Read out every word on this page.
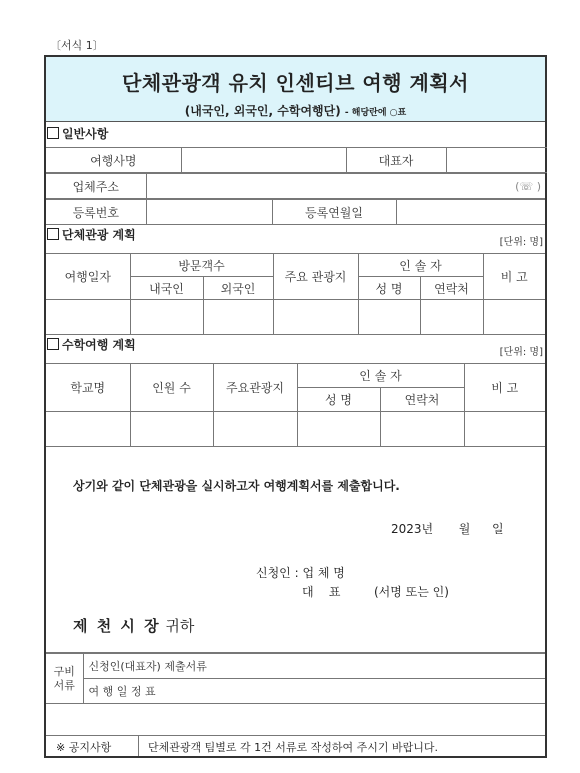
〔서식 1〕
단체관광객 유치 인센티브 여행 계획서
(내국인, 외국인, 수학여행단) - 해당란에 ○표
일반사항
여행사명		대표자	
업체주소	(☏ )
등록번호		등록연월일	
단체관광 계획
[단위: 명]
여행일자	방문객수		주요 관광지	인 솔 자		비 고
	내국인	외국인		성 명	연락처	

수학여행 계획
[단위: 명]
학교명	인원 수	주요관광지	인 솔 자		비 고
			성 명	연락처	

상기와 같이 단체관광을 실시하고자 여행계획서를 제출합니다.
2023년 월 일
신청인 : 업 체 명
대    표	(서명 또는 인)
제 천 시 장 귀하
구비
서류	신청인(대표자) 제출서류
여 행 일 정 표
※ 공지사항	단체관광객 팀별로 각 1건 서류로 작성하여 주시기 바랍니다.
